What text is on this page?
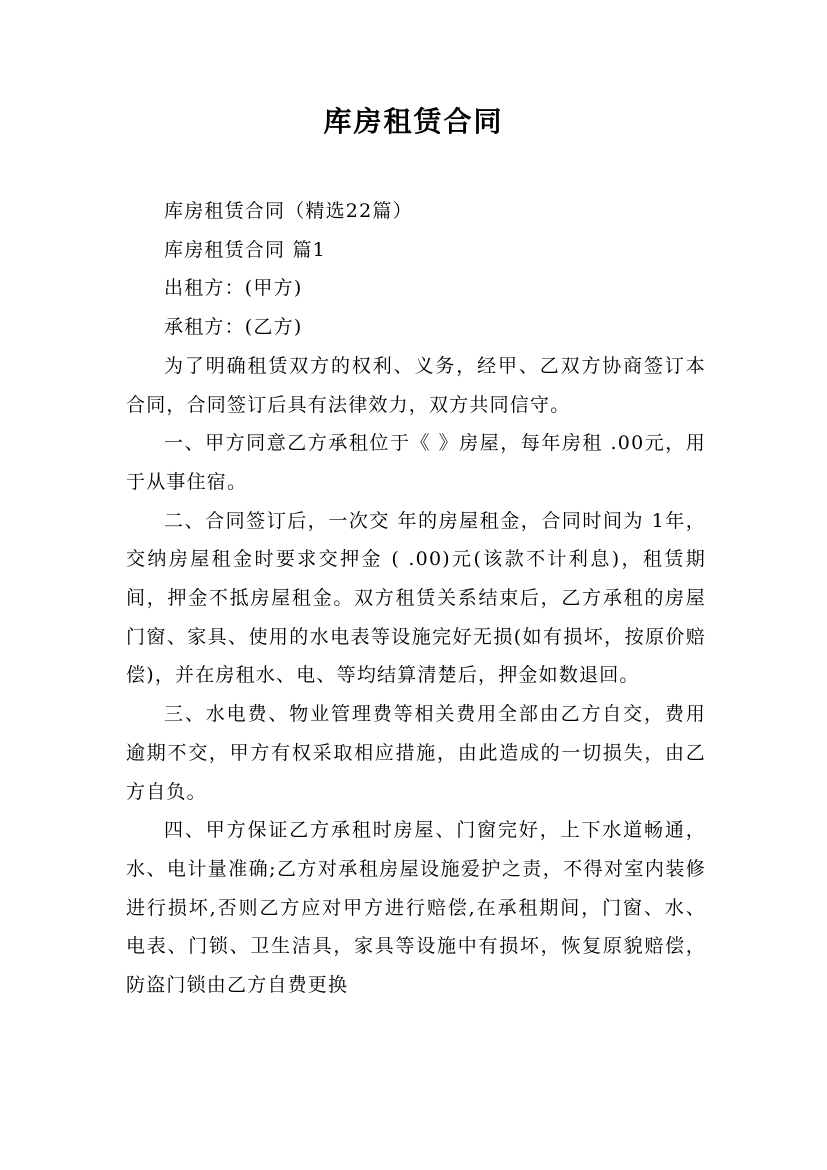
库房租赁合同

库房租赁合同（精选22篇）

库房租赁合同 篇1

出租方：(甲方)

承租方：(乙方)

为了明确租赁双方的权利、义务，经甲、乙双方协商签订本合同，合同签订后具有法律效力，双方共同信守。

一、甲方同意乙方承租位于《 》房屋，每年房租 .00元，用于从事住宿。

二、合同签订后，一次交 年的房屋租金，合同时间为 1年，交纳房屋租金时要求交押金 ( .00)元(该款不计利息)，租赁期间，押金不抵房屋租金。双方租赁关系结束后，乙方承租的房屋门窗、家具、使用的水电表等设施完好无损(如有损坏，按原价赔偿)，并在房租水、电、等均结算清楚后，押金如数退回。

三、水电费、物业管理费等相关费用全部由乙方自交，费用逾期不交，甲方有权采取相应措施，由此造成的一切损失，由乙方自负。

四、甲方保证乙方承租时房屋、门窗完好，上下水道畅通，水、电计量准确;乙方对承租房屋设施爱护之责，不得对室内装修进行损坏,否则乙方应对甲方进行赔偿,在承租期间，门窗、水、电表、门锁、卫生洁具，家具等设施中有损坏，恢复原貌赔偿，防盗门锁由乙方自费更换
